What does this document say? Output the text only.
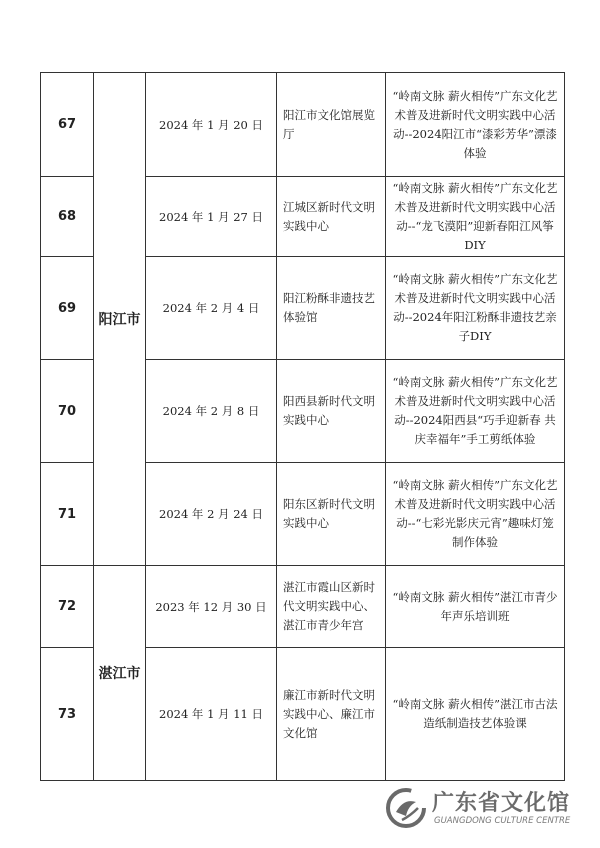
67	阳江市	2024 年 1 月 20 日	阳江市文化馆展览厅	“岭南文脉 薪火相传”广东文化艺术普及进新时代文明实践中心活动--2024阳江市“漆彩芳华”漂漆体验
68		2024 年 1 月 27 日	江城区新时代文明实践中心	“岭南文脉 薪火相传”广东文化艺术普及进新时代文明实践中心活动--“龙飞漠阳”迎新春阳江风筝DIY
69		2024 年 2 月 4 日	阳江粉酥非遗技艺体验馆	“岭南文脉 薪火相传”广东文化艺术普及进新时代文明实践中心活动--2024年阳江粉酥非遗技艺亲子DIY
70		2024 年 2 月 8 日	阳西县新时代文明实践中心	“岭南文脉 薪火相传”广东文化艺术普及进新时代文明实践中心活动--2024阳西县“巧手迎新春 共庆幸福年”手工剪纸体验
71		2024 年 2 月 24 日	阳东区新时代文明实践中心	“岭南文脉 薪火相传”广东文化艺术普及进新时代文明实践中心活动--“七彩光影庆元宵”趣味灯笼制作体验
72	湛江市	2023 年 12 月 30 日	湛江市霞山区新时代文明实践中心、湛江市青少年宫	“岭南文脉 薪火相传”湛江市青少年声乐培训班
73		2024 年 1 月 11 日	廉江市新时代文明实践中心、廉江市文化馆	“岭南文脉 薪火相传”湛江市古法造纸制造技艺体验课
广东省文化馆
GUANGDONG CULTURE CENTRE
